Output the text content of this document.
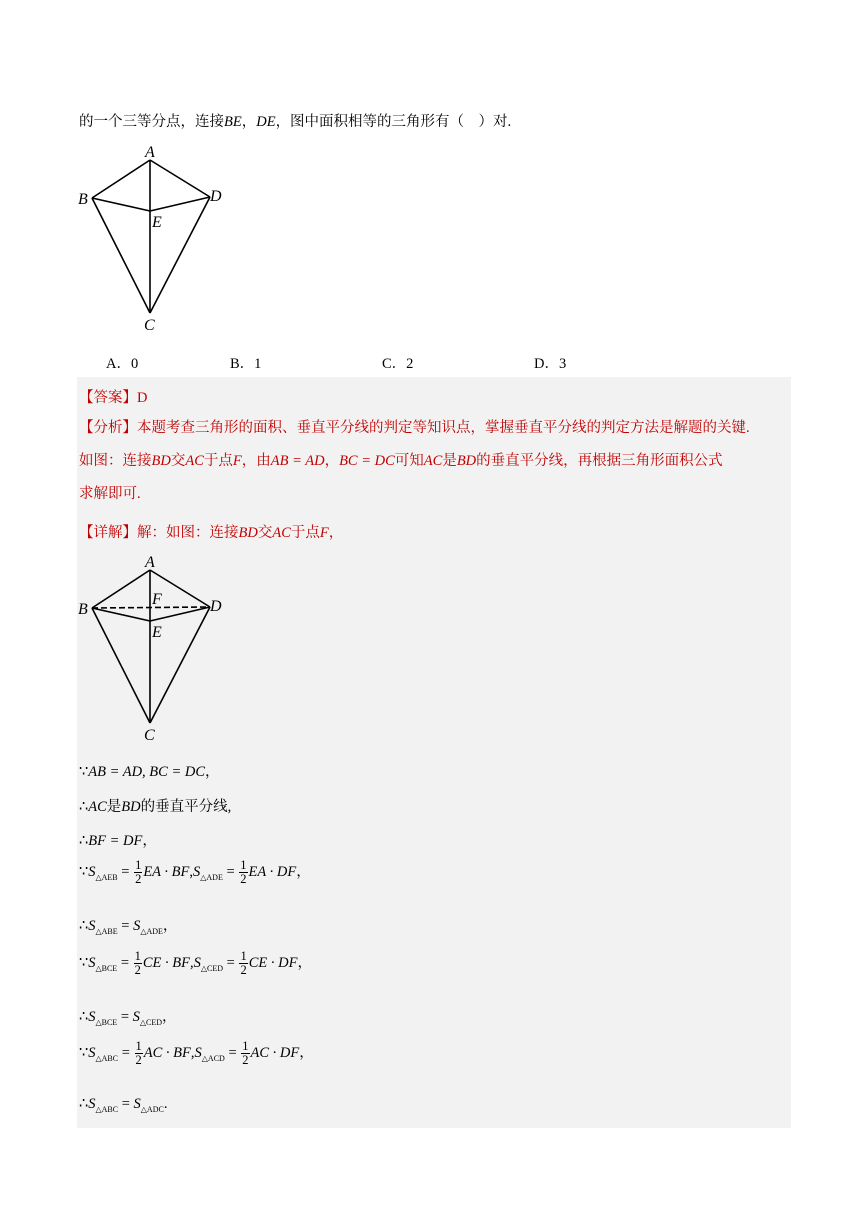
的一个三等分点，连接BE，DE，图中面积相等的三角形有（　）对.
A
B	D
E
C
A．0	B．1	C．2	D．3
【答案】D
【分析】本题考查三角形的面积、垂直平分线的判定等知识点，掌握垂直平分线的判定方法是解题的关键.
如图：连接BD交AC于点F，由AB = AD，BC = DC可知AC是BD的垂直平分线，再根据三角形面积公式
求解即可.
【详解】解：如图：连接BD交AC于点F，
A
B	D
F
E
C
∵AB = AD, BC = DC，
∴AC是BD的垂直平分线,
∴BF = DF，
$\because S_{\triangle AEB} = \frac{1}{2}$ EA · $BF,S_{\triangle ADE} = \frac{1}{2}$ EA · DF，
$\therefore S_{\triangle ABE} = S_{\triangle ADE}$，
$\because S_{\triangle BCE} = \frac{1}{2}$ CE · $BF,S_{\triangle CED} = \frac{1}{2}$ CE · DF，
$\therefore S_{\triangle BCE} = S_{\triangle CED}$，
$\because S_{\triangle ABC} = \frac{1}{2}$ AC · $BF,S_{\triangle ACD} = \frac{1}{2}$ AC · DF，
$\therefore S_{\triangle ABC} = S_{\triangle ADC}$.
